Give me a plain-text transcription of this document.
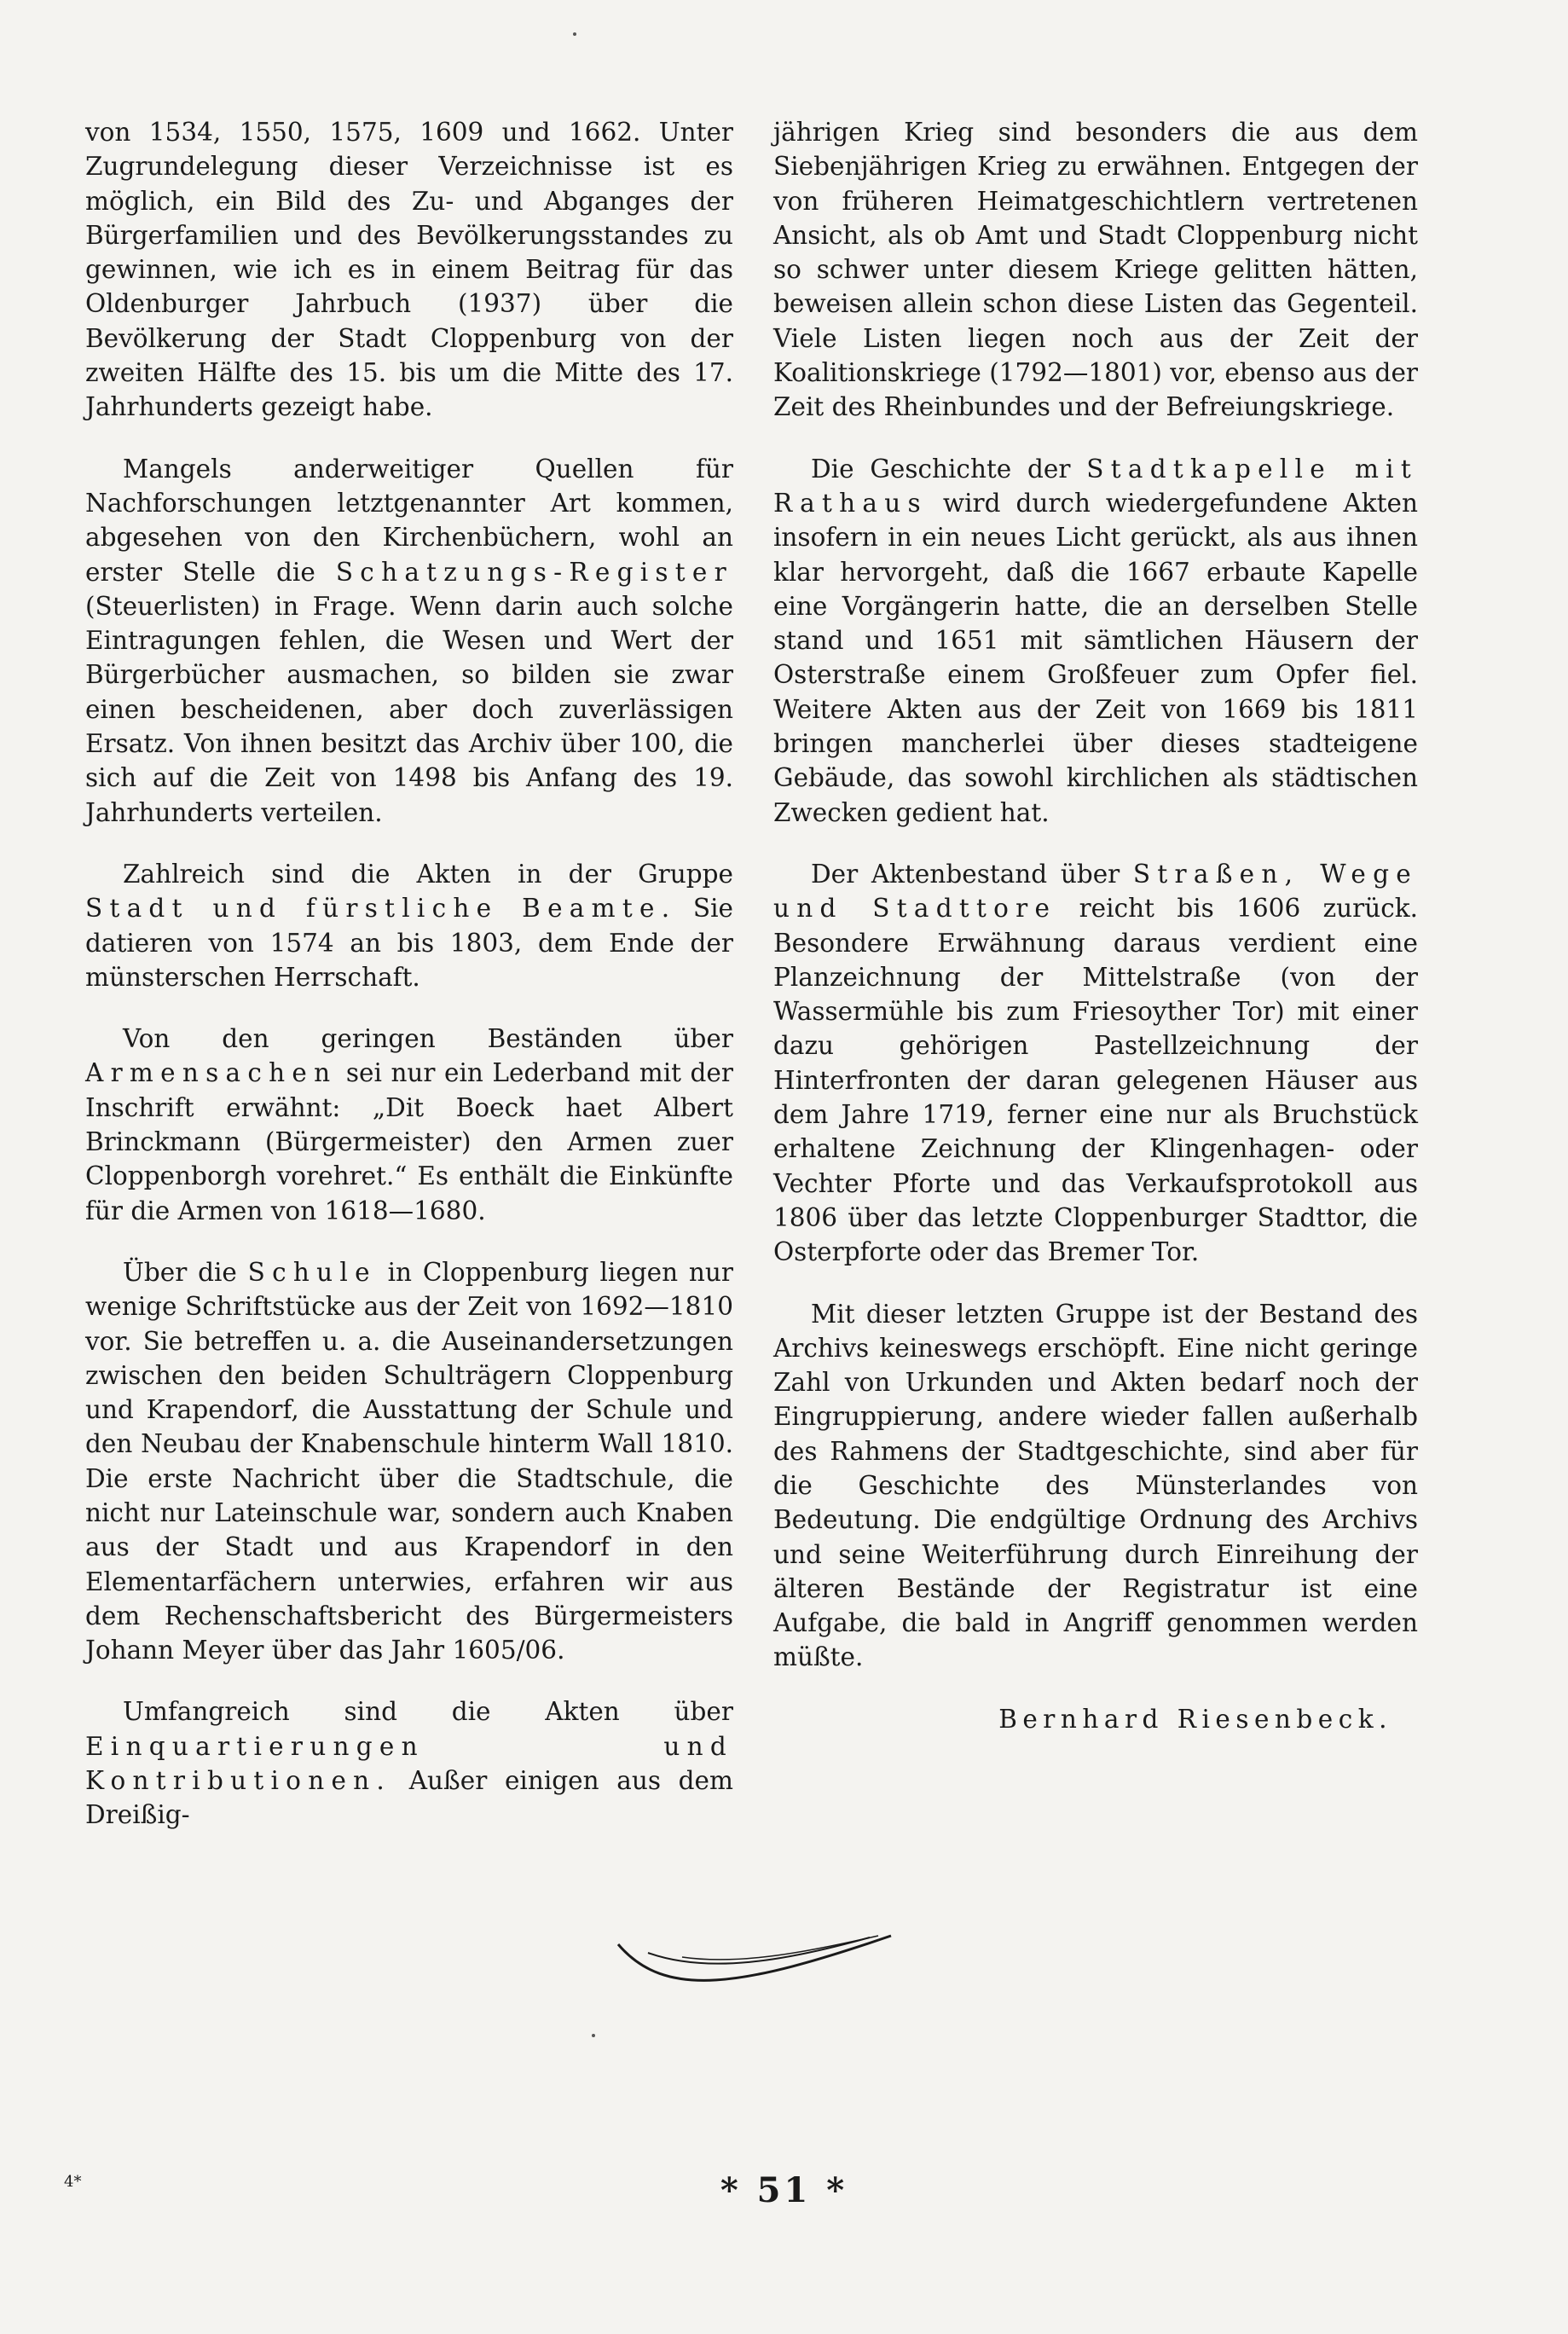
von 1534, 1550, 1575, 1609 und 1662. Unter Zugrundelegung dieser Verzeichnisse ist es möglich, ein Bild des Zu- und Abganges der Bürgerfamilien und des Bevölkerungsstandes zu gewinnen, wie ich es in einem Beitrag für das Oldenburger Jahrbuch (1937) über die Bevölkerung der Stadt Cloppenburg von der zweiten Hälfte des 15. bis um die Mitte des 17. Jahrhunderts gezeigt habe.

Mangels anderweitiger Quellen für Nachforschungen letztgenannter Art kommen, abgesehen von den Kirchenbüchern, wohl an erster Stelle die Schatzungs-Register (Steuerlisten) in Frage. Wenn darin auch solche Eintragungen fehlen, die Wesen und Wert der Bürgerbücher ausmachen, so bilden sie zwar einen bescheidenen, aber doch zuverlässigen Ersatz. Von ihnen besitzt das Archiv über 100, die sich auf die Zeit von 1498 bis Anfang des 19. Jahrhunderts verteilen.

Zahlreich sind die Akten in der Gruppe Stadt und fürstliche Beamte. Sie datieren von 1574 an bis 1803, dem Ende der münsterschen Herrschaft.

Von den geringen Beständen über Armensachen sei nur ein Lederband mit der Inschrift erwähnt: „Dit Boeck haet Albert Brinckmann (Bürgermeister) den Armen zuer Cloppenborgh vorehret.“ Es enthält die Einkünfte für die Armen von 1618—1680.

Über die Schule in Cloppenburg liegen nur wenige Schriftstücke aus der Zeit von 1692—1810 vor. Sie betreffen u. a. die Auseinandersetzungen zwischen den beiden Schulträgern Cloppenburg und Krapendorf, die Ausstattung der Schule und den Neubau der Knabenschule hinterm Wall 1810. Die erste Nachricht über die Stadtschule, die nicht nur Lateinschule war, sondern auch Knaben aus der Stadt und aus Krapendorf in den Elementarfächern unterwies, erfahren wir aus dem Rechenschaftsbericht des Bürgermeisters Johann Meyer über das Jahr 1605/06.

Umfangreich sind die Akten über Einquartierungen und Kontributionen. Außer einigen aus dem Dreißig-

jährigen Krieg sind besonders die aus dem Siebenjährigen Krieg zu erwähnen. Entgegen der von früheren Heimatgeschichtlern vertretenen Ansicht, als ob Amt und Stadt Cloppenburg nicht so schwer unter diesem Kriege gelitten hätten, beweisen allein schon diese Listen das Gegenteil. Viele Listen liegen noch aus der Zeit der Koalitionskriege (1792—1801) vor, ebenso aus der Zeit des Rheinbundes und der Befreiungskriege.

Die Geschichte der Stadtkapelle mit Rathaus wird durch wiedergefundene Akten insofern in ein neues Licht gerückt, als aus ihnen klar hervorgeht, daß die 1667 erbaute Kapelle eine Vorgängerin hatte, die an derselben Stelle stand und 1651 mit sämtlichen Häusern der Osterstraße einem Großfeuer zum Opfer fiel. Weitere Akten aus der Zeit von 1669 bis 1811 bringen mancherlei über dieses stadteigene Gebäude, das sowohl kirchlichen als städtischen Zwecken gedient hat.

Der Aktenbestand über Straßen, Wege und Stadttore reicht bis 1606 zurück. Besondere Erwähnung daraus verdient eine Planzeichnung der Mittelstraße (von der Wassermühle bis zum Friesoyther Tor) mit einer dazu gehörigen Pastellzeichnung der Hinterfronten der daran gelegenen Häuser aus dem Jahre 1719, ferner eine nur als Bruchstück erhaltene Zeichnung der Klingenhagen- oder Vechter Pforte und das Verkaufsprotokoll aus 1806 über das letzte Cloppenburger Stadttor, die Osterpforte oder das Bremer Tor.

Mit dieser letzten Gruppe ist der Bestand des Archivs keineswegs erschöpft. Eine nicht geringe Zahl von Urkunden und Akten bedarf noch der Eingruppierung, andere wieder fallen außerhalb des Rahmens der Stadtgeschichte, sind aber für die Geschichte des Münsterlandes von Bedeutung. Die endgültige Ordnung des Archivs und seine Weiterführung durch Einreihung der älteren Bestände der Registratur ist eine Aufgabe, die bald in Angriff genommen werden müßte.

Bernhard Riesenbeck.
4*	* 51 *
